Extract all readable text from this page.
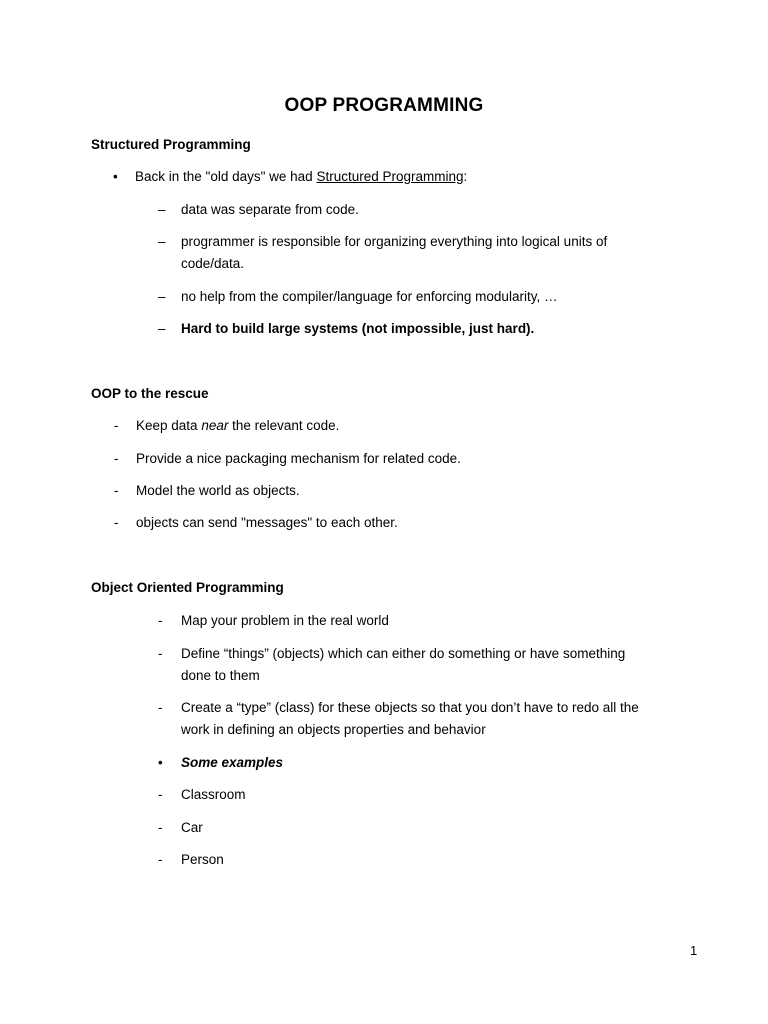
OOP PROGRAMMING
Structured Programming
•	Back in the "old days" we had Structured Programming:
–	data was separate from code.
–	programmer is responsible for organizing everything into logical units of
code/data.
–	no help from the compiler/language for enforcing modularity, …
–	Hard to build large systems (not impossible, just hard).
OOP to the rescue
-	Keep data near the relevant code.
-	Provide a nice packaging mechanism for related code.
-	Model the world as objects.
-	objects can send "messages" to each other.
Object Oriented Programming
-	Map your problem in the real world
-	Define “things” (objects) which can either do something or have something
done to them
-	Create a “type” (class) for these objects so that you don’t have to redo all the
work in defining an objects properties and behavior
•	Some examples
-	Classroom
-	Car
-	Person
1
